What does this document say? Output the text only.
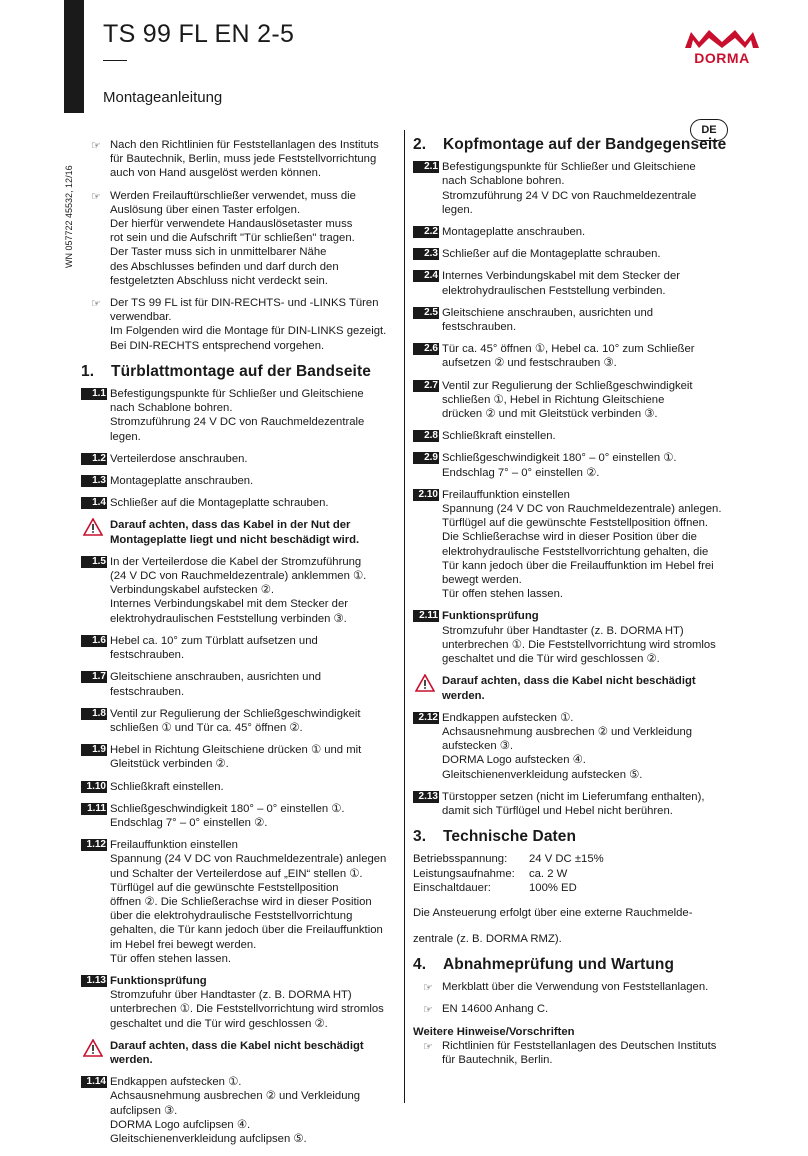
TS 99 FL EN 2-5
Montageanleitung
DORMA
WN 057722 45532, 12/16
DE
☞ Nach den Richtlinien für Feststellanlagen des Instituts

für Bautechnik, Berlin, muss jede Feststellvorrichtung

auch von Hand ausgelöst werden können.

☞ Werden Freilauftürschließer verwendet, muss die

Auslösung über einen Taster erfolgen.

Der hierfür verwendete Handauslösetaster muss

rot sein und die Aufschrift "Tür schließen" tragen.

Der Taster muss sich in unmittelbarer Nähe

des Abschlusses befinden und darf durch den

festgeletzten Abschluss nicht verdeckt sein.

☞ Der TS 99 FL ist für DIN-RECHTS- und -LINKS Türen

verwendbar.

Im Folgenden wird die Montage für DIN-LINKS gezeigt.

Bei DIN-RECHTS entsprechend vorgehen.

1.	Türblattmontage auf der Bandseite
1.1 Befestigungspunkte für Schließer und Gleitschiene

nach Schablone bohren.

Stromzuführung 24 V DC von Rauchmeldezentrale

legen.

1.2 Verteilerdose anschrauben.

1.3 Montageplatte anschrauben.

1.4 Schließer auf die Montageplatte schrauben.

Darauf achten, dass das Kabel in der Nut der

Montageplatte liegt und nicht beschädigt wird.

1.5 In der Verteilerdose die Kabel der Stromzuführung

(24 V DC von Rauchmeldezentrale) anklemmen ①.

Verbindungskabel aufstecken ②.

Internes Verbindungskabel mit dem Stecker der

elektrohydraulischen Feststellung verbinden ③.

1.6 Hebel ca. 10° zum Türblatt aufsetzen und

festschrauben.

1.7 Gleitschiene anschrauben, ausrichten und

festschrauben.

1.8 Ventil zur Regulierung der Schließgeschwindigkeit

schließen ① und Tür ca. 45° öffnen ②.

1.9 Hebel in Richtung Gleitschiene drücken ① und mit

Gleitstück verbinden ②.

1.10 Schließkraft einstellen.

1.11 Schließgeschwindigkeit 180° – 0° einstellen ①.

Endschlag 7° – 0° einstellen ②.

1.12 Freilauffunktion einstellen

Spannung (24 V DC von Rauchmeldezentrale) anlegen

und Schalter der Verteilerdose auf „EIN“ stellen ①.

Türflügel auf die gewünschte Feststellposition

öffnen ②. Die Schließerachse wird in dieser Position

über die elektrohydraulische Feststellvorrichtung

gehalten, die Tür kann jedoch über die Freilauffunktion

im Hebel frei bewegt werden.

Tür offen stehen lassen.

1.13 Funktionsprüfung

Stromzufuhr über Handtaster (z. B. DORMA HT)

unterbrechen ①. Die Feststellvorrichtung wird stromlos

geschaltet und die Tür wird geschlossen ②.

Darauf achten, dass die Kabel nicht beschädigt

werden.

1.14 Endkappen aufstecken ①.

Achsausnehmung ausbrechen ② und Verkleidung

aufclipsen ③.

DORMA Logo aufclipsen ④.

Gleitschienenverkleidung aufclipsen ⑤.

2.	Kopfmontage auf der Bandgegenseite
2.1 Befestigungspunkte für Schließer und Gleitschiene

nach Schablone bohren.

Stromzuführung 24 V DC von Rauchmeldezentrale

legen.

2.2 Montageplatte anschrauben.

2.3 Schließer auf die Montageplatte schrauben.

2.4 Internes Verbindungskabel mit dem Stecker der

elektrohydraulischen Feststellung verbinden.

2.5 Gleitschiene anschrauben, ausrichten und

festschrauben.

2.6 Tür ca. 45° öffnen ①, Hebel ca. 10° zum Schließer

aufsetzen ② und festschrauben ③.

2.7 Ventil zur Regulierung der Schließgeschwindigkeit

schließen ①, Hebel in Richtung Gleitschiene

drücken ② und mit Gleitstück verbinden ③.

2.8 Schließkraft einstellen.

2.9 Schließgeschwindigkeit 180° – 0° einstellen ①.

Endschlag 7° – 0° einstellen ②.

2.10 Freilauffunktion einstellen

Spannung (24 V DC von Rauchmeldezentrale) anlegen.

Türflügel auf die gewünschte Feststellposition öffnen.

Die Schließerachse wird in dieser Position über die

elektrohydraulische Feststellvorrichtung gehalten, die

Tür kann jedoch über die Freilauffunktion im Hebel frei

bewegt werden.

Tür offen stehen lassen.

2.11 Funktionsprüfung

Stromzufuhr über Handtaster (z. B. DORMA HT)

unterbrechen ①. Die Feststellvorrichtung wird stromlos

geschaltet und die Tür wird geschlossen ②.

Darauf achten, dass die Kabel nicht beschädigt

werden.

2.12 Endkappen aufstecken ①.

Achsausnehmung ausbrechen ② und Verkleidung

aufstecken ③.

DORMA Logo aufstecken ④.

Gleitschienenverkleidung aufstecken ⑤.

2.13 Türstopper setzen (nicht im Lieferumfang enthalten),

damit sich Türflügel und Hebel nicht berühren.

3.	Technische Daten
Betriebsspannung:	24 V DC ±15%
Leistungsaufnahme:	ca. 2 W
Einschaltdauer:	100% ED

Die Ansteuerung erfolgt über eine externe Rauchmelde-

zentrale (z. B. DORMA RMZ).

4.	Abnahmeprüfung und Wartung
☞ Merkblatt über die Verwendung von Feststellanlagen.

☞ EN 14600 Anhang C.

Weitere Hinweise/Vorschriften
☞ Richtlinien für Feststellanlagen des Deutschen Instituts

für Bautechnik, Berlin.
